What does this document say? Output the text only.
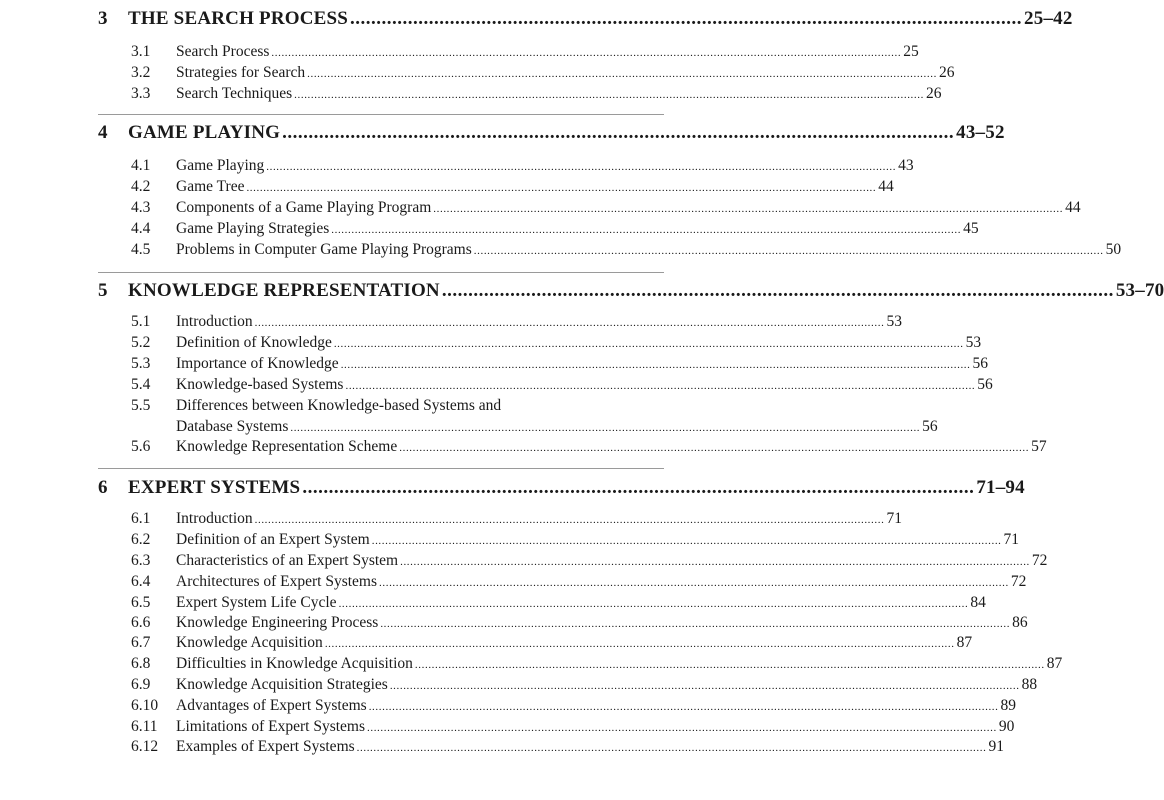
3	THE SEARCH PROCESS ................................................................................................................................ 25–42
3.1	Search Process ............................................................................................................................................................................................ 25
3.2	Strategies for Search ............................................................................................................................................................................................ 26
3.3	Search Techniques ............................................................................................................................................................................................ 26
4	GAME PLAYING ................................................................................................................................ 43–52
4.1	Game Playing ............................................................................................................................................................................................ 43
4.2	Game Tree ............................................................................................................................................................................................ 44
4.3	Components of a Game Playing Program ............................................................................................................................................................................................ 44
4.4	Game Playing Strategies ............................................................................................................................................................................................ 45
4.5	Problems in Computer Game Playing Programs ............................................................................................................................................................................................ 50
5	KNOWLEDGE REPRESENTATION ................................................................................................................................ 53–70
5.1	Introduction ............................................................................................................................................................................................ 53
5.2	Definition of Knowledge ............................................................................................................................................................................................ 53
5.3	Importance of Knowledge ............................................................................................................................................................................................ 56
5.4	Knowledge-based Systems ............................................................................................................................................................................................ 56
5.5	Differences between Knowledge-based Systems and
Database Systems ............................................................................................................................................................................................ 56
5.6	Knowledge Representation Scheme ............................................................................................................................................................................................ 57
6	EXPERT SYSTEMS ................................................................................................................................ 71–94
6.1	Introduction ............................................................................................................................................................................................ 71
6.2	Definition of an Expert System ............................................................................................................................................................................................ 71
6.3	Characteristics of an Expert System ............................................................................................................................................................................................ 72
6.4	Architectures of Expert Systems ............................................................................................................................................................................................ 72
6.5	Expert System Life Cycle ............................................................................................................................................................................................ 84
6.6	Knowledge Engineering Process ............................................................................................................................................................................................ 86
6.7	Knowledge Acquisition ............................................................................................................................................................................................ 87
6.8	Difficulties in Knowledge Acquisition ............................................................................................................................................................................................ 87
6.9	Knowledge Acquisition Strategies ............................................................................................................................................................................................ 88
6.10	Advantages of Expert Systems ............................................................................................................................................................................................ 89
6.11	Limitations of Expert Systems ............................................................................................................................................................................................ 90
6.12	Examples of Expert Systems ............................................................................................................................................................................................ 91
